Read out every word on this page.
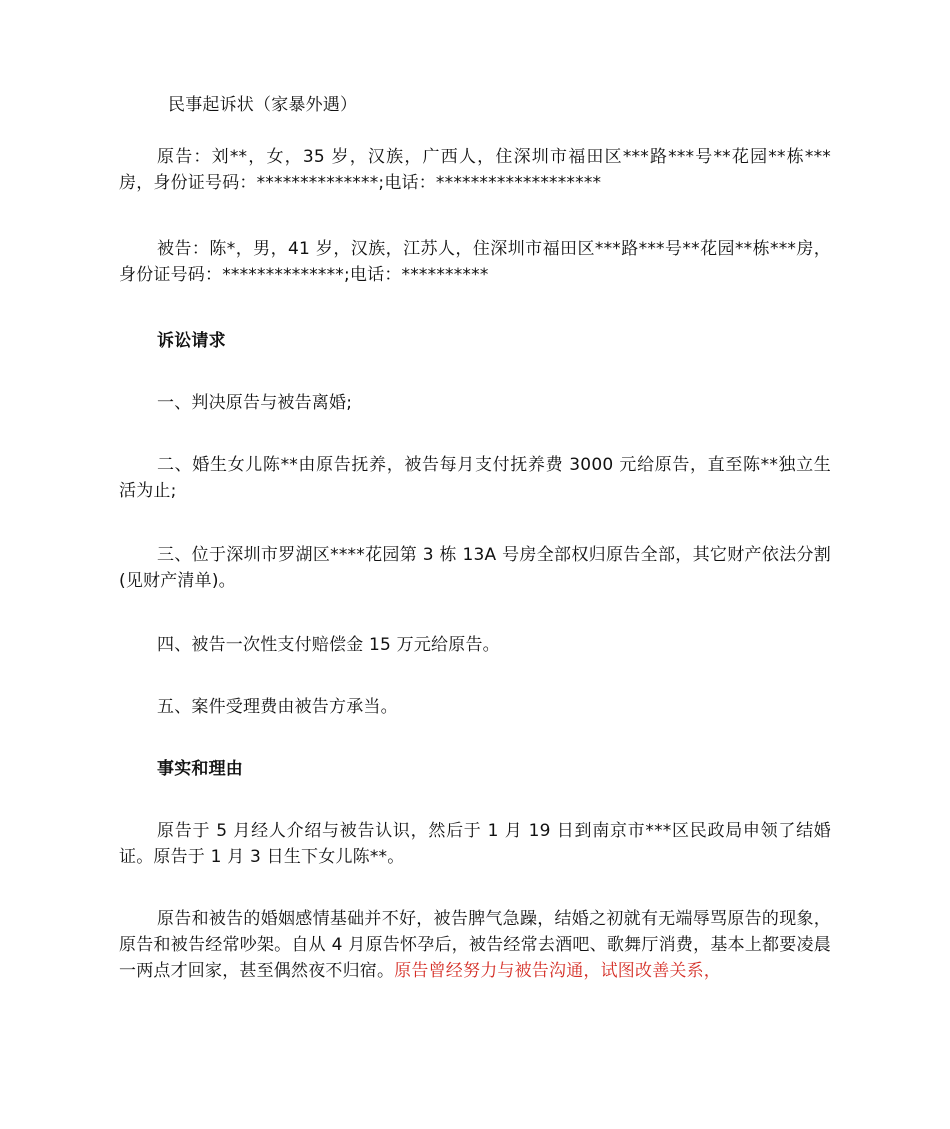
民事起诉状（家暴外遇）

原告：刘**，女，35 岁，汉族，广西人，住深圳市福田区***路***号**花园**栋***房，身份证号码：**************;电话：*******************

被告：陈*，男，41 岁，汉族，江苏人，住深圳市福田区***路***号**花园**栋***房，身份证号码：**************;电话：**********

诉讼请求

一、判决原告与被告离婚;

二、婚生女儿陈**由原告抚养，被告每月支付抚养费 3000 元给原告，直至陈**独立生活为止;

三、位于深圳市罗湖区****花园第 3 栋 13A 号房全部权归原告全部，其它财产依法分割(见财产清单)。

四、被告一次性支付赔偿金 15 万元给原告。

五、案件受理费由被告方承当。

事实和理由

原告于 5 月经人介绍与被告认识，然后于 1 月 19 日到南京市***区民政局申领了结婚证。原告于 1 月 3 日生下女儿陈**。

原告和被告的婚姻感情基础并不好，被告脾气急躁，结婚之初就有无端辱骂原告的现象，原告和被告经常吵架。自从 4 月原告怀孕后，被告经常去酒吧、歌舞厅消费，基本上都要凌晨一两点才回家，甚至偶然夜不归宿。原告曾经努力与被告沟通，试图改善关系，
